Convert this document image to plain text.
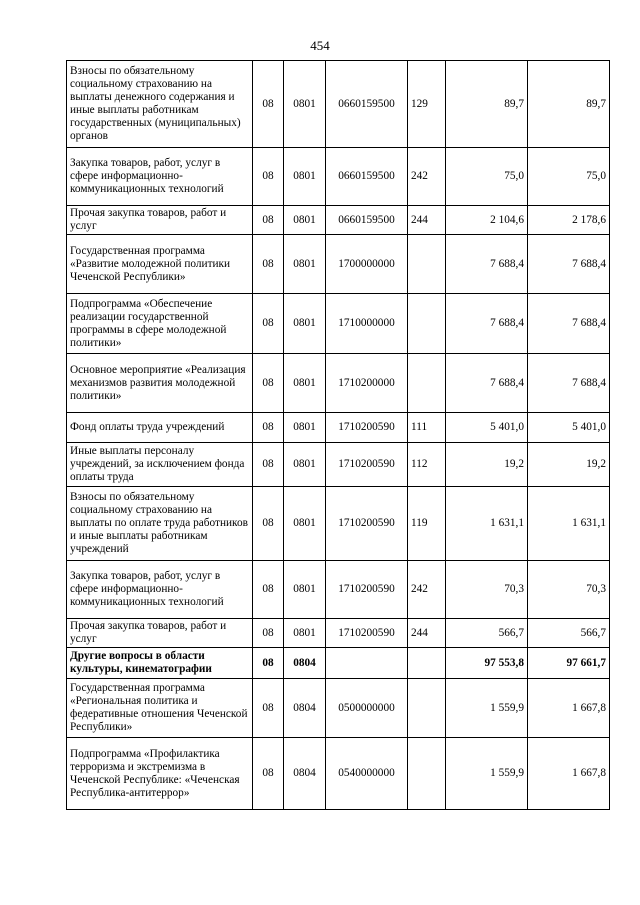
454
Взносы по обязательному социальному страхованию на выплаты денежного содержания и иные выплаты работникам государственных (муниципальных) органов	08	0801	0660159500	129	89,7	89,7
Закупка товаров, работ, услуг в сфере информационно-коммуникационных технологий	08	0801	0660159500	242	75,0	75,0
Прочая закупка товаров, работ и услуг	08	0801	0660159500	244	2 104,6	2 178,6
Государственная программа «Развитие молодежной политики Чеченской Республики»	08	0801	1700000000		7 688,4	7 688,4
Подпрограмма «Обеспечение реализации государственной программы в сфере молодежной политики»	08	0801	1710000000		7 688,4	7 688,4
Основное мероприятие «Реализация механизмов развития молодежной политики»	08	0801	1710200000		7 688,4	7 688,4
Фонд оплаты труда учреждений	08	0801	1710200590	111	5 401,0	5 401,0
Иные выплаты персоналу учреждений, за исключением фонда оплаты труда	08	0801	1710200590	112	19,2	19,2
Взносы по обязательному социальному страхованию на выплаты по оплате труда работников и иные выплаты работникам учреждений	08	0801	1710200590	119	1 631,1	1 631,1
Закупка товаров, работ, услуг в сфере информационно-коммуникационных технологий	08	0801	1710200590	242	70,3	70,3
Прочая закупка товаров, работ и услуг	08	0801	1710200590	244	566,7	566,7
Другие вопросы в области культуры, кинематографии	08	0804			97 553,8	97 661,7
Государственная программа «Региональная политика и федеративные отношения Чеченской Республики»	08	0804	0500000000		1 559,9	1 667,8
Подпрограмма «Профилактика терроризма и экстремизма в Чеченской Республике: «Чеченская Республика-антитеррор»	08	0804	0540000000		1 559,9	1 667,8
